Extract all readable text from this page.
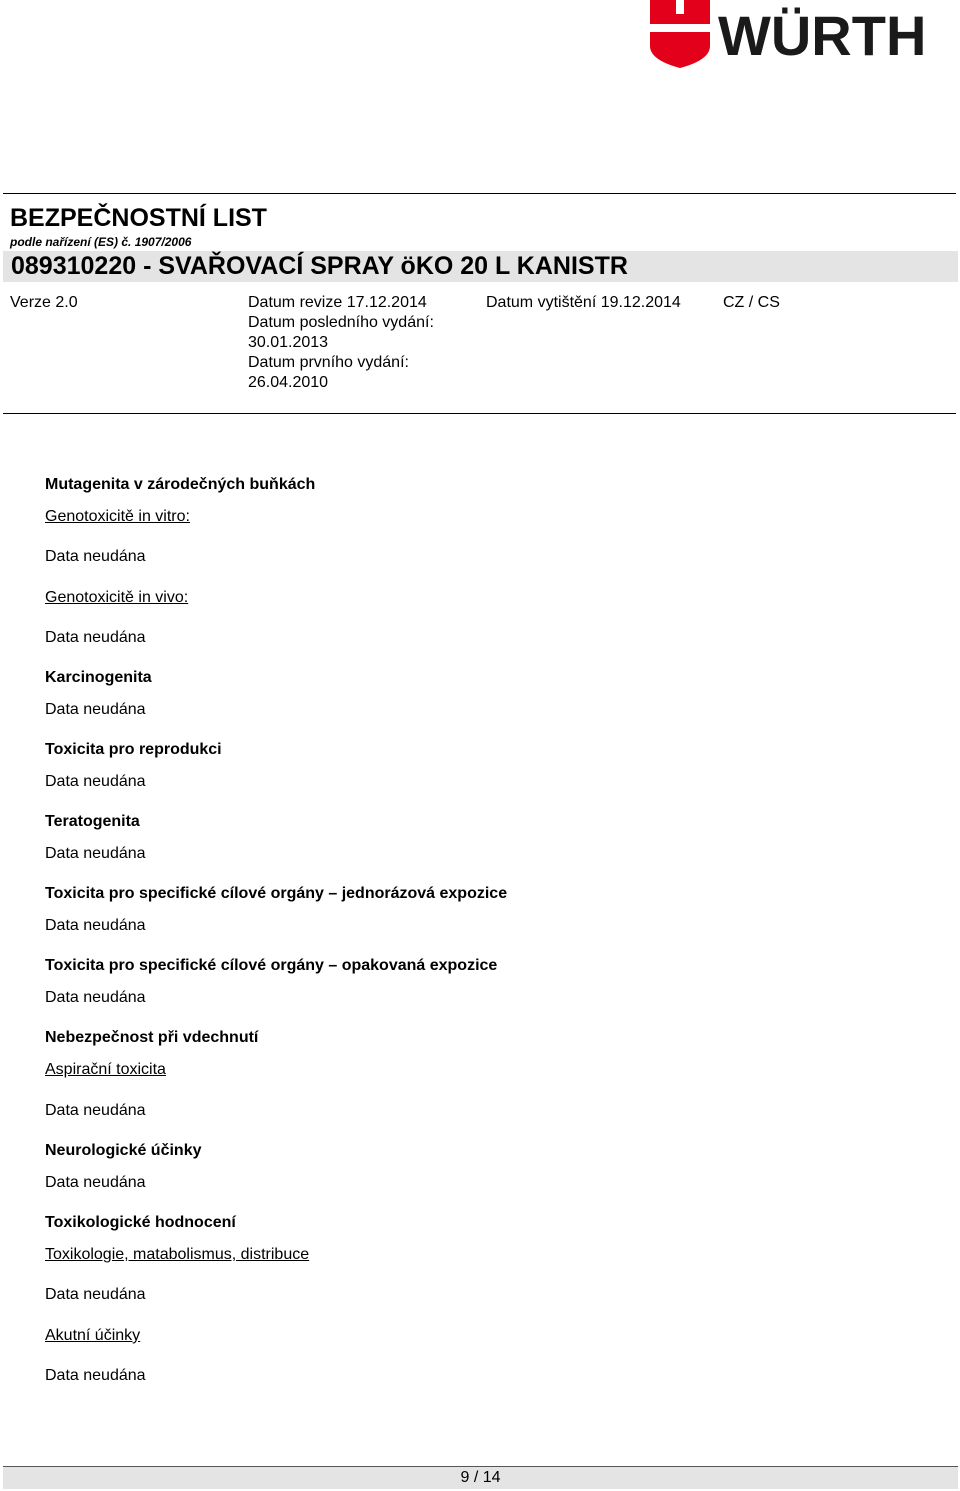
WÜRTH
BEZPEČNOSTNÍ LIST
podle nařízení (ES) č. 1907/2006
089310220 - SVAŘOVACÍ SPRAY öKO 20 L KANISTR
Verze 2.0	Datum revize 17.12.2014
Datum posledního vydání:
30.01.2013
Datum prvního vydání:
26.04.2010
Datum vytištění 19.12.2014	CZ / CS
Mutagenita v zárodečných buňkách
Genotoxicitě in vitro:
Data neudána
Genotoxicitě in vivo:
Data neudána
Karcinogenita
Data neudána
Toxicita pro reprodukci
Data neudána
Teratogenita
Data neudána
Toxicita pro specifické cílové orgány – jednorázová expozice
Data neudána
Toxicita pro specifické cílové orgány – opakovaná expozice
Data neudána
Nebezpečnost při vdechnutí
Aspirační toxicita
Data neudána
Neurologické účinky
Data neudána
Toxikologické hodnocení
Toxikologie, matabolismus, distribuce
Data neudána
Akutní účinky
Data neudána
9 / 14
